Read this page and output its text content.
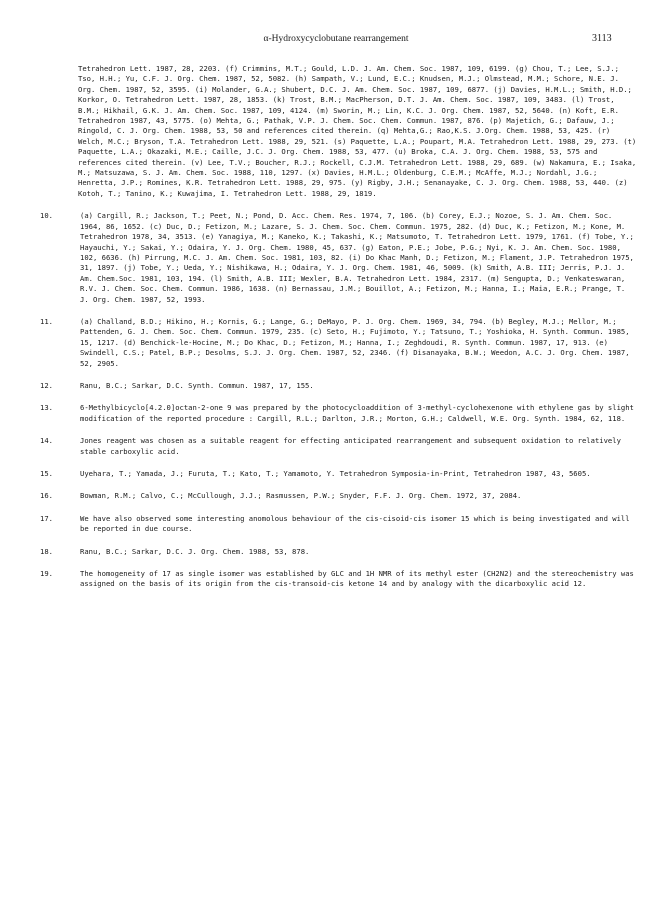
α-Hydroxycyclobutane rearrangement	3113
Tetrahedron Lett. 1987, 28, 2203. (f) Crimmins, M.T.; Gould, L.D. J. Am. Chem. Soc. 1987, 109, 6199. (g) Chou, T.; Lee, S.J.; Tso, H.H.; Yu, C.F. J. Org. Chem. 1987, 52, 5082. (h) Sampath, V.; Lund, E.C.; Knudsen, M.J.; Olmstead, M.M.; Schore, N.E. J. Org. Chem. 1987, 52, 3595. (i) Molander, G.A.; Shubert, D.C. J. Am. Chem. Soc. 1987, 109, 6877. (j) Davies, H.M.L.; Smith, H.D.; Korkor, O. Tetrahedron Lett. 1987, 28, 1853. (k) Trost, B.M.; MacPherson, D.T. J. Am. Chem. Soc. 1987, 109, 3483. (l) Trost, B.M.; Hikhail, G.K. J. Am. Chem. Soc. 1987, 109, 4124. (m) Sworin, M.; Lin, K.C. J. Org. Chem. 1987, 52, 5640. (n) Koft, E.R. Tetrahedron 1987, 43, 5775. (o) Mehta, G.; Pathak, V.P. J. Chem. Soc. Chem. Commun. 1987, 876. (p) Majetich, G.; Dafauw, J.; Ringold, C. J. Org. Chem. 1988, 53, 50 and references cited therein. (q) Mehta,G.; Rao,K.S. J.Org. Chem. 1988, 53, 425. (r) Welch, M.C.; Bryson, T.A. Tetrahedron Lett. 1988, 29, 521. (s) Paquette, L.A.; Poupart, M.A. Tetrahedron Lett. 1988, 29, 273. (t) Paquette, L.A.; Okazaki, M.E.; Caille, J.C. J. Org. Chem. 1988, 53, 477. (u) Broka, C.A. J. Org. Chem. 1988, 53, 575 and references cited therein. (v) Lee, T.V.; Boucher, R.J.; Rockell, C.J.M. Tetrahedron Lett. 1988, 29, 689. (w) Nakamura, E.; Isaka, M.; Matsuzawa, S. J. Am. Chem. Soc. 1988, 110, 1297. (x) Davies, H.M.L.; Oldenburg, C.E.M.; McAffe, M.J.; Nordahl, J.G.; Henretta, J.P.; Romines, K.R. Tetrahedron Lett. 1988, 29, 975. (y) Rigby, J.H.; Senanayake, C. J. Org. Chem. 1988, 53, 440. (z) Kotoh, T.; Tanino, K.; Kuwajima, I. Tetrahedron Lett. 1988, 29, 1819.
10.	(a) Cargill, R.; Jackson, T.; Peet, N.; Pond, D. Acc. Chem. Res. 1974, 7, 106. (b) Corey, E.J.; Nozoe, S. J. Am. Chem. Soc. 1964, 86, 1652. (c) Duc, D.; Fetizon, M.; Lazare, S. J. Chem. Soc. Chem. Commun. 1975, 282. (d) Duc, K.; Fetizon, M.; Kone, M. Tetrahedron 1978, 34, 3513. (e) Yanagiya, M.; Kaneko, K.; Takashi, K.; Matsumoto, T. Tetrahedron Lett. 1979, 1761. (f) Tobe, Y.; Hayauchi, Y.; Sakai, Y.; Odaira, Y. J. Org. Chem. 1980, 45, 637. (g) Eaton, P.E.; Jobe, P.G.; Nyi, K. J. Am. Chem. Soc. 1980, 102, 6636. (h) Pirrung, M.C. J. Am. Chem. Soc. 1981, 103, 82. (i) Do Khac Manh, D.; Fetizon, M.; Flament, J.P. Tetrahedron 1975, 31, 1897. (j) Tobe, Y.; Ueda, Y.; Nishikawa, H.; Odaira, Y. J. Org. Chem. 1981, 46, 5009. (k) Smith, A.B. III; Jerris, P.J. J. Am. Chem.Soc. 1981, 103, 194. (l) Smith, A.B. III; Wexler, B.A. Tetrahedron Lett. 1984, 2317. (m) Sengupta, D.; Venkateswaran, R.V. J. Chem. Soc. Chem. Commun. 1986, 1638. (n) Bernassau, J.M.; Bouillot, A.; Fetizon, M.; Hanna, I.; Maia, E.R.; Prange, T. J. Org. Chem. 1987, 52, 1993.
11.	(a) Challand, B.D.; Hikino, H.; Kornis, G.; Lange, G.; DeMayo, P. J. Org. Chem. 1969, 34, 794. (b) Begley, M.J.; Mellor, M.; Pattenden, G. J. Chem. Soc. Chem. Commun. 1979, 235. (c) Seto, H.; Fujimoto, Y.; Tatsuno, T.; Yoshioka, H. Synth. Commun. 1985, 15, 1217. (d) Benchick-le-Hocine, M.; Do Khac, D.; Fetizon, M.; Hanna, I.; Zeghdoudi, R. Synth. Commun. 1987, 17, 913. (e) Swindell, C.S.; Patel, B.P.; Desolms, S.J. J. Org. Chem. 1987, 52, 2346. (f) Disanayaka, B.W.; Weedon, A.C. J. Org. Chem. 1987, 52, 2905.
12.	Ranu, B.C.; Sarkar, D.C. Synth. Commun. 1987, 17, 155.
13.	6-Methylbicyclo[4.2.0]octan-2-one 9 was prepared by the photocycloaddition of 3-methyl-cyclohexenone with ethylene gas by slight modification of the reported procedure : Cargill, R.L.; Darlton, J.R.; Morton, G.H.; Caldwell, W.E. Org. Synth. 1984, 62, 118.
14.	Jones reagent was chosen as a suitable reagent for effecting anticipated rearrangement and subsequent oxidation to relatively stable carboxylic acid.
15.	Uyehara, T.; Yamada, J.; Furuta, T.; Kato, T.; Yamamoto, Y. Tetrahedron Symposia-in-Print, Tetrahedron 1987, 43, 5605.
16.	Bowman, R.M.; Calvo, C.; McCullough, J.J.; Rasmussen, P.W.; Snyder, F.F. J. Org. Chem. 1972, 37, 2084.
17.	We have also observed some interesting anomolous behaviour of the cis-cisoid-cis isomer 15 which is being investigated and will be reported in due course.
18.	Ranu, B.C.; Sarkar, D.C. J. Org. Chem. 1988, 53, 878.
19.	The homogeneity of 17 as single isomer was established by GLC and 1H NMR of its methyl ester (CH2N2) and the stereochemistry was assigned on the basis of its origin from the cis-transoid-cis ketone 14 and by analogy with the dicarboxylic acid 12.
